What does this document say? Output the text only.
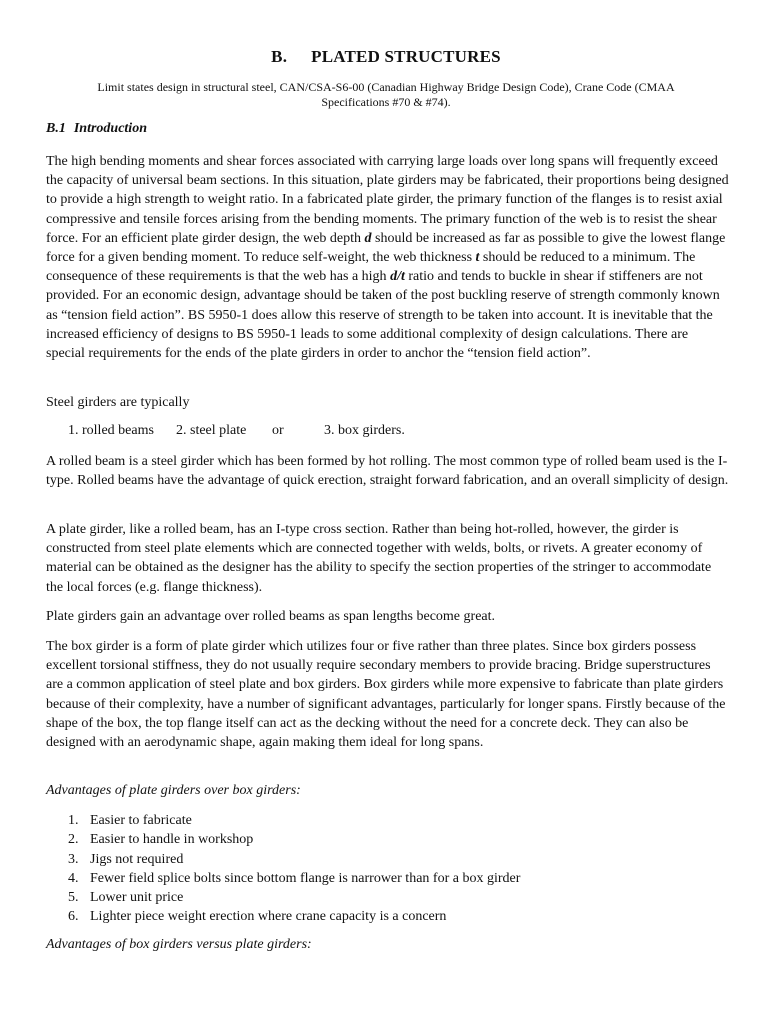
B. PLATED STRUCTURES
Limit states design in structural steel, CAN/CSA-S6-00 (Canadian Highway Bridge Design Code), Crane Code (CMAA Specifications #70 & #74).
B.1 Introduction

The high bending moments and shear forces associated with carrying large loads over long spans will frequently exceed the capacity of universal beam sections. In this situation, plate girders may be fabricated, their proportions being designed to provide a high strength to weight ratio. In a fabricated plate girder, the primary function of the flanges is to resist axial compressive and tensile forces arising from the bending moments. The primary function of the web is to resist the shear force. For an efficient plate girder design, the web depth d should be increased as far as possible to give the lowest flange force for a given bending moment. To reduce self-weight, the web thickness t should be reduced to a minimum. The consequence of these requirements is that the web has a high d/t ratio and tends to buckle in shear if stiffeners are not provided. For an economic design, advantage should be taken of the post buckling reserve of strength commonly known as “tension field action”. BS 5950-1 does allow this reserve of strength to be taken into account. It is inevitable that the increased efficiency of designs to BS 5950-1 leads to some additional complexity of design calculations. There are special requirements for the ends of the plate girders in order to anchor the “tension field action”.

Steel girders are typically

1. rolled beams 2. steel plate or	3. box girders.

A rolled beam is a steel girder which has been formed by hot rolling. The most common type of rolled beam used is the I-type. Rolled beams have the advantage of quick erection, straight forward fabrication, and an overall simplicity of design.

A plate girder, like a rolled beam, has an I-type cross section. Rather than being hot-rolled, however, the girder is constructed from steel plate elements which are connected together with welds, bolts, or rivets. A greater economy of material can be obtained as the designer has the ability to specify the section properties of the stringer to accommodate the local forces (e.g. flange thickness).

Plate girders gain an advantage over rolled beams as span lengths become great.

The box girder is a form of plate girder which utilizes four or five rather than three plates. Since box girders possess excellent torsional stiffness, they do not usually require secondary members to provide bracing. Bridge superstructures are a common application of steel plate and box girders. Box girders while more expensive to fabricate than plate girders because of their complexity, have a number of significant advantages, particularly for longer spans. Firstly because of the shape of the box, the top flange itself can act as the decking without the need for a concrete deck. They can also be designed with an aerodynamic shape, again making them ideal for long spans.

Advantages of plate girders over box girders:
1. Easier to fabricate
2. Easier to handle in workshop
3. Jigs not required
4. Fewer field splice bolts since bottom flange is narrower than for a box girder
5. Lower unit price
6. Lighter piece weight erection where crane capacity is a concern
Advantages of box girders versus plate girders:
